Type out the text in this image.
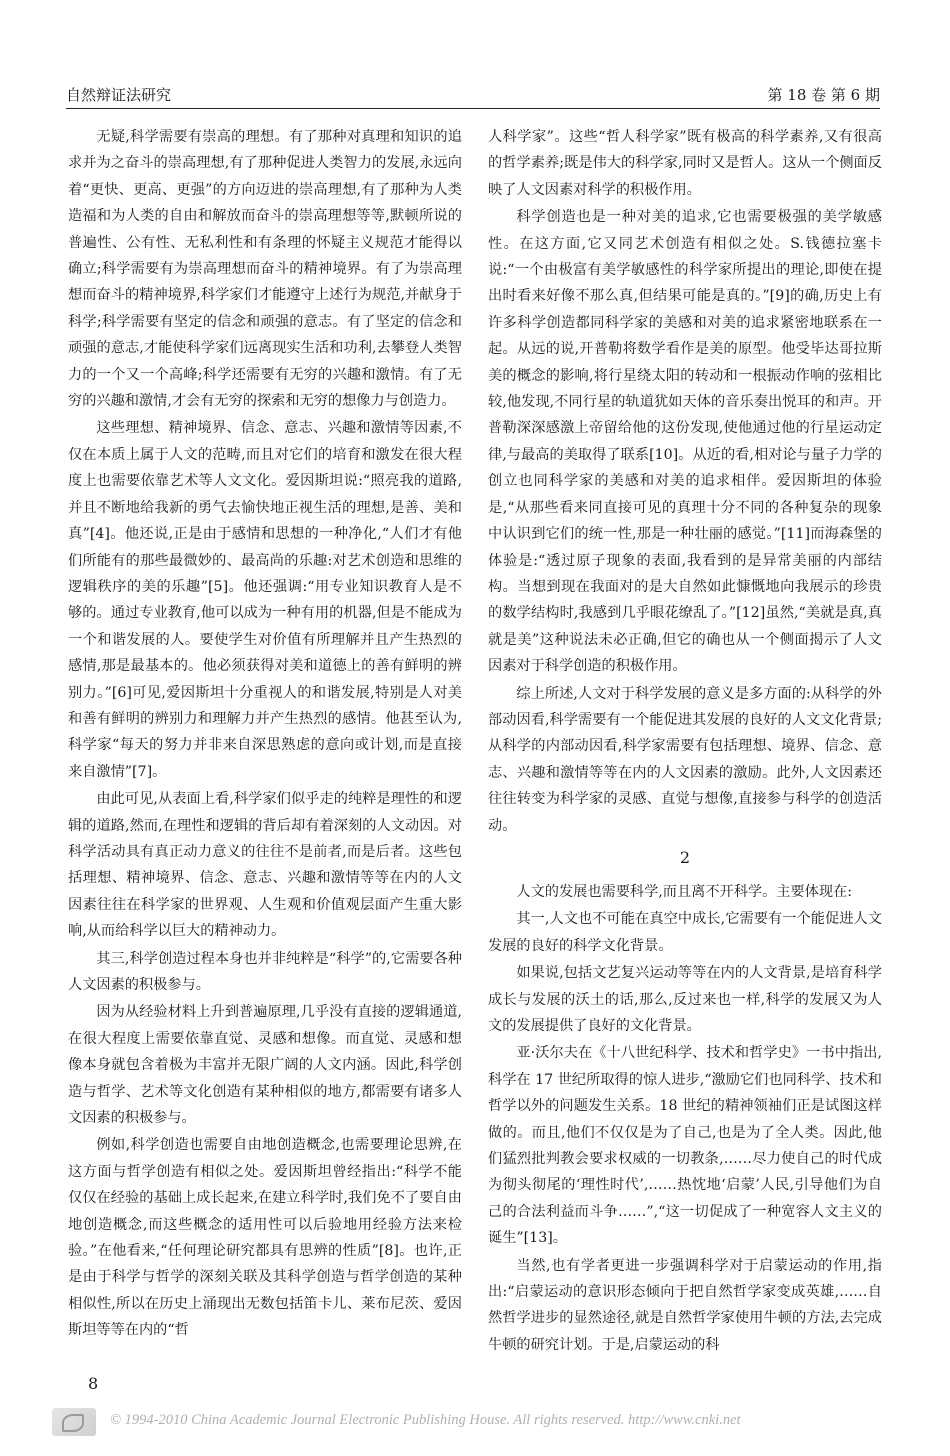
自然辩证法研究	第 18 卷 第 6 期

无疑,科学需要有崇高的理想。有了那种对真理和知识的追求并为之奋斗的崇高理想,有了那种促进人类智力的发展,永远向着“更快、更高、更强”的方向迈进的崇高理想,有了那种为人类造福和为人类的自由和解放而奋斗的崇高理想等等,默顿所说的普遍性、公有性、无私利性和有条理的怀疑主义规范才能得以确立;科学需要有为崇高理想而奋斗的精神境界。有了为崇高理想而奋斗的精神境界,科学家们才能遵守上述行为规范,并献身于科学;科学需要有坚定的信念和顽强的意志。有了坚定的信念和顽强的意志,才能使科学家们远离现实生活和功利,去攀登人类智力的一个又一个高峰;科学还需要有无穷的兴趣和激情。有了无穷的兴趣和激情,才会有无穷的探索和无穷的想像力与创造力。

这些理想、精神境界、信念、意志、兴趣和激情等因素,不仅在本质上属于人文的范畴,而且对它们的培育和激发在很大程度上也需要依靠艺术等人文文化。爱因斯坦说:“照亮我的道路,并且不断地给我新的勇气去愉快地正视生活的理想,是善、美和真”[4]。他还说,正是由于感情和思想的一种净化,“人们才有他们所能有的那些最微妙的、最高尚的乐趣:对艺术创造和思维的逻辑秩序的美的乐趣”[5]。他还强调:“用专业知识教育人是不够的。通过专业教育,他可以成为一种有用的机器,但是不能成为一个和谐发展的人。要使学生对价值有所理解并且产生热烈的感情,那是最基本的。他必须获得对美和道德上的善有鲜明的辨别力。”[6]可见,爱因斯坦十分重视人的和谐发展,特别是人对美和善有鲜明的辨别力和理解力并产生热烈的感情。他甚至认为,科学家“每天的努力并非来自深思熟虑的意向或计划,而是直接来自激情”[7]。

由此可见,从表面上看,科学家们似乎走的纯粹是理性的和逻辑的道路,然而,在理性和逻辑的背后却有着深刻的人文动因。对科学活动具有真正动力意义的往往不是前者,而是后者。这些包括理想、精神境界、信念、意志、兴趣和激情等等在内的人文因素往往在科学家的世界观、人生观和价值观层面产生重大影响,从而给科学以巨大的精神动力。

其三,科学创造过程本身也并非纯粹是“科学”的,它需要各种人文因素的积极参与。

因为从经验材料上升到普遍原理,几乎没有直接的逻辑通道,在很大程度上需要依靠直觉、灵感和想像。而直觉、灵感和想像本身就包含着极为丰富并无限广阔的人文内涵。因此,科学创造与哲学、艺术等文化创造有某种相似的地方,都需要有诸多人文因素的积极参与。

例如,科学创造也需要自由地创造概念,也需要理论思辨,在这方面与哲学创造有相似之处。爱因斯坦曾经指出:“科学不能仅仅在经验的基础上成长起来,在建立科学时,我们免不了要自由地创造概念,而这些概念的适用性可以后验地用经验方法来检验。”在他看来,“任何理论研究都具有思辨的性质”[8]。也许,正是由于科学与哲学的深刻关联及其科学创造与哲学创造的某种相似性,所以在历史上涌现出无数包括笛卡儿、莱布尼茨、爱因斯坦等等在内的“哲

人科学家”。这些“哲人科学家”既有极高的科学素养,又有很高的哲学素养;既是伟大的科学家,同时又是哲人。这从一个侧面反映了人文因素对科学的积极作用。

科学创造也是一种对美的追求,它也需要极强的美学敏感性。在这方面,它又同艺术创造有相似之处。S.钱德拉塞卡说:“一个由极富有美学敏感性的科学家所提出的理论,即使在提出时看来好像不那么真,但结果可能是真的。”[9]的确,历史上有许多科学创造都同科学家的美感和对美的追求紧密地联系在一起。从远的说,开普勒将数学看作是美的原型。他受毕达哥拉斯美的概念的影响,将行星绕太阳的转动和一根振动作响的弦相比较,他发现,不同行星的轨道犹如天体的音乐奏出悦耳的和声。开普勒深深感激上帝留给他的这份发现,使他通过他的行星运动定律,与最高的美取得了联系[10]。从近的看,相对论与量子力学的创立也同科学家的美感和对美的追求相伴。爱因斯坦的体验是,“从那些看来同直接可见的真理十分不同的各种复杂的现象中认识到它们的统一性,那是一种壮丽的感觉。”[11]而海森堡的体验是:“透过原子现象的表面,我看到的是异常美丽的内部结构。当想到现在我面对的是大自然如此慷慨地向我展示的珍贵的数学结构时,我感到几乎眼花缭乱了。”[12]虽然,“美就是真,真就是美”这种说法未必正确,但它的确也从一个侧面揭示了人文因素对于科学创造的积极作用。

综上所述,人文对于科学发展的意义是多方面的:从科学的外部动因看,科学需要有一个能促进其发展的良好的人文文化背景;从科学的内部动因看,科学家需要有包括理想、境界、信念、意志、兴趣和激情等等在内的人文因素的激励。此外,人文因素还往往转变为科学家的灵感、直觉与想像,直接参与科学的创造活动。

2

人文的发展也需要科学,而且离不开科学。主要体现在:

其一,人文也不可能在真空中成长,它需要有一个能促进人文发展的良好的科学文化背景。

如果说,包括文艺复兴运动等等在内的人文背景,是培育科学成长与发展的沃土的话,那么,反过来也一样,科学的发展又为人文的发展提供了良好的文化背景。

亚·沃尔夫在《十八世纪科学、技术和哲学史》一书中指出,科学在 17 世纪所取得的惊人进步,“激励它们也同科学、技术和哲学以外的问题发生关系。18 世纪的精神领袖们正是试图这样做的。而且,他们不仅仅是为了自己,也是为了全人类。因此,他们猛烈批判教会要求权威的一切教条,……尽力使自己的时代成为彻头彻尾的‘理性时代’,……热忱地‘启蒙’人民,引导他们为自己的合法利益而斗争……”,“这一切促成了一种宽容人文主义的诞生”[13]。

当然,也有学者更进一步强调科学对于启蒙运动的作用,指出:“启蒙运动的意识形态倾向于把自然哲学家变成英雄,……自然哲学进步的显然途径,就是自然哲学家使用牛顿的方法,去完成牛顿的研究计划。于是,启蒙运动的科

8
© 1994-2010 China Academic Journal Electronic Publishing House. All rights reserved. http://www.cnki.net
